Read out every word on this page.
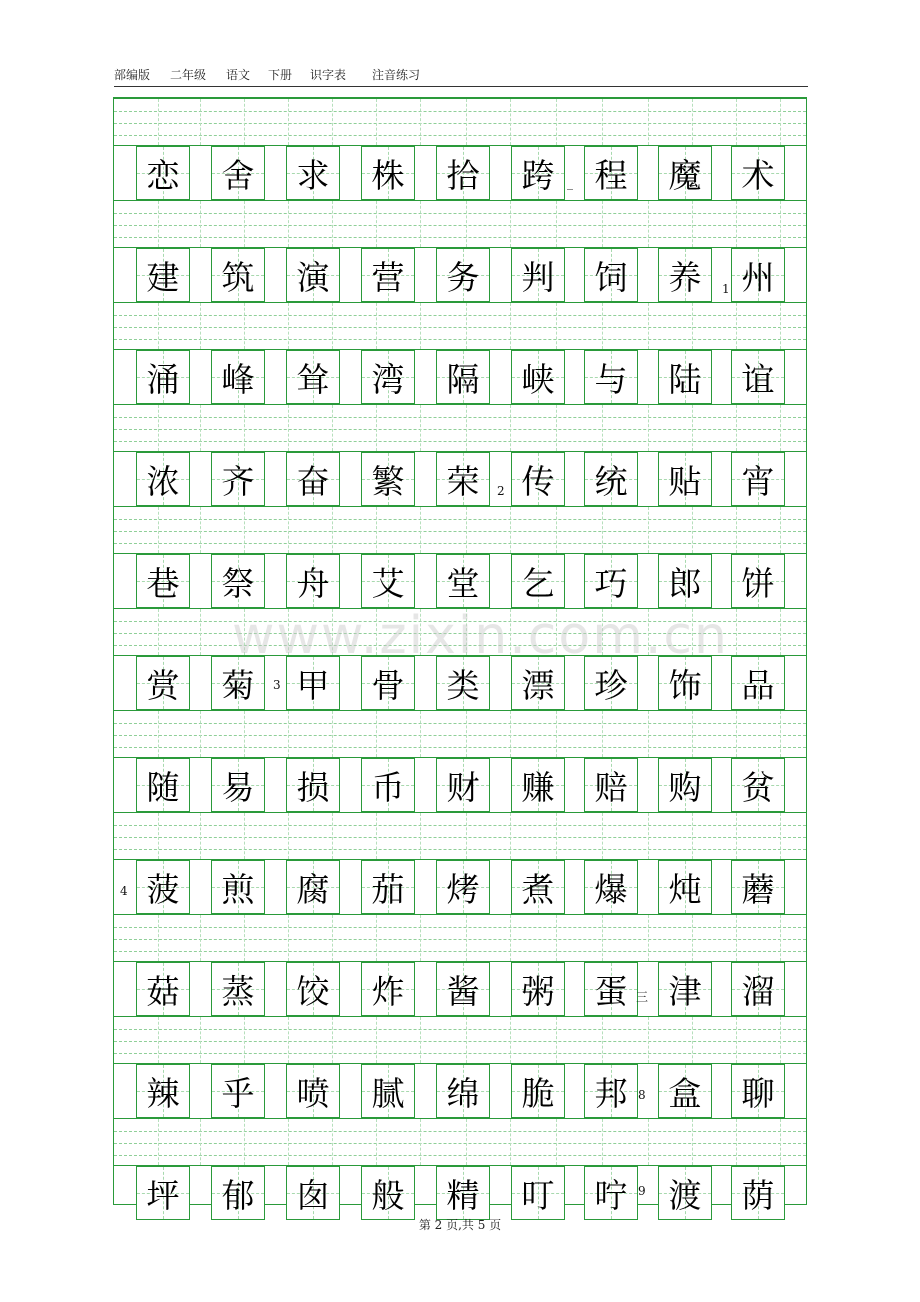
部编版 二年级 语文 下册 识字表 注音练习
恋 舍 求 株 拾 跨 程 魔 术
建 筑 演 营 务 判 饲 养 州
涌 峰 耸 湾 隔 峡 与 陆 谊
浓 齐 奋 繁 荣 传 统 贴 宵
巷 祭 舟 艾 堂 乞 巧 郎 饼
赏 菊 甲 骨 类 漂 珍 饰 品
随 易 损 币 财 赚 赔 购 贫
菠 煎 腐 茄 烤 煮 爆 炖 蘑
菇 蒸 饺 炸 酱 粥 蛋 津 溜
辣 乎 喷 腻 绵 脆 邦 盒 聊
坪 郁 囱 般 精 叮 咛 渡 荫
_
1
2
3
4
三
8
9
www.zixin.com.cn
第 2 页,共 5 页
